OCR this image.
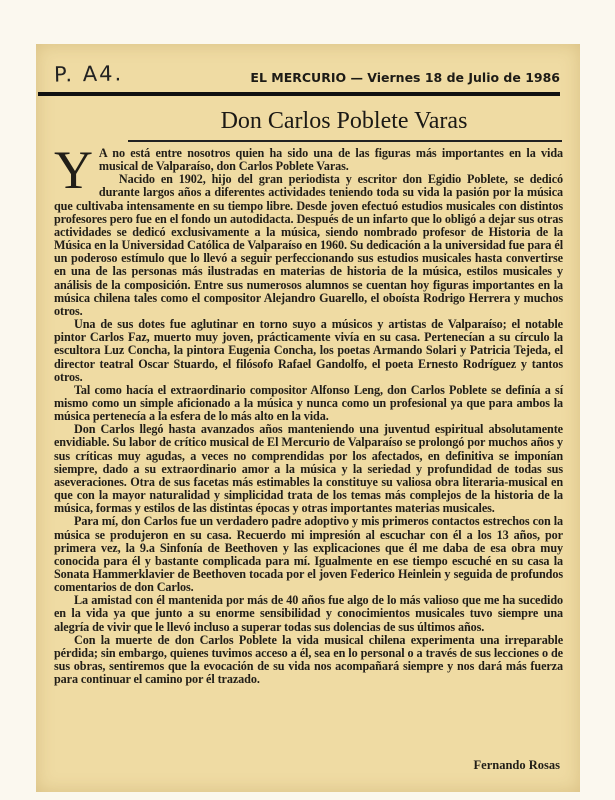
P. A4.	EL MERCURIO — Viernes 18 de Julio de 1986
Don Carlos Poblete Varas

Y A no está entre nosotros quien ha sido una de las figuras más importantes en la vida musical de Valparaíso, don Carlos Poblete Varas.

Nacido en 1902, hijo del gran periodista y escritor don Egidio Poblete, se dedicó durante largos años a diferentes actividades teniendo toda su vida la pasión por la música que cultivaba intensamente en su tiempo libre. Desde joven efectuó estudios musicales con distintos profesores pero fue en el fondo un autodidacta. Después de un infarto que lo obligó a dejar sus otras actividades se dedicó exclusivamente a la música, siendo nombrado profesor de Historia de la Música en la Universidad Católica de Valparaíso en 1960. Su dedicación a la universidad fue para él un poderoso estímulo que lo llevó a seguir perfeccionando sus estudios musicales hasta convertirse en una de las personas más ilustradas en materias de historia de la música, estilos musicales y análisis de la composición. Entre sus numerosos alumnos se cuentan hoy figuras importantes en la música chilena tales como el compositor Alejandro Guarello, el oboísta Rodrigo Herrera y muchos otros.

Una de sus dotes fue aglutinar en torno suyo a músicos y artistas de Valparaíso; el notable pintor Carlos Faz, muerto muy joven, prácticamente vivía en su casa. Pertenecían a su círculo la escultora Luz Concha, la pintora Eugenia Concha, los poetas Armando Solari y Patricia Tejeda, el director teatral Oscar Stuardo, el filósofo Rafael Gandolfo, el poeta Ernesto Rodríguez y tantos otros.

Tal como hacía el extraordinario compositor Alfonso Leng, don Carlos Poblete se definía a sí mismo como un simple aficionado a la música y nunca como un profesional ya que para ambos la música pertenecía a la esfera de lo más alto en la vida.

Don Carlos llegó hasta avanzados años manteniendo una juventud espiritual absolutamente envidiable. Su labor de crítico musical de El Mercurio de Valparaíso se prolongó por muchos años y sus críticas muy agudas, a veces no comprendidas por los afectados, en definitiva se imponían siempre, dado a su extraordinario amor a la música y la seriedad y profundidad de todas sus aseveraciones. Otra de sus facetas más estimables la constituye su valiosa obra literaria-musical en que con la mayor naturalidad y simplicidad trata de los temas más complejos de la historia de la música, formas y estilos de las distintas épocas y otras importantes materias musicales.

Para mí, don Carlos fue un verdadero padre adoptivo y mis primeros contactos estrechos con la música se produjeron en su casa. Recuerdo mi impresión al escuchar con él a los 13 años, por primera vez, la 9.a Sinfonía de Beethoven y las explicaciones que él me daba de esa obra muy conocida para él y bastante complicada para mí. Igualmente en ese tiempo escuché en su casa la Sonata Hammerklavier de Beethoven tocada por el joven Federico Heinlein y seguida de profundos comentarios de don Carlos.

La amistad con él mantenida por más de 40 años fue algo de lo más valioso que me ha sucedido en la vida ya que junto a su enorme sensibilidad y conocimientos musicales tuvo siempre una alegría de vivir que le llevó incluso a superar todas sus dolencias de sus últimos años.

Con la muerte de don Carlos Poblete la vida musical chilena experimenta una irreparable pérdida; sin embargo, quienes tuvimos acceso a él, sea en lo personal o a través de sus lecciones o de sus obras, sentiremos que la evocación de su vida nos acompañará siempre y nos dará más fuerza para continuar el camino por él trazado.

Fernando Rosas
